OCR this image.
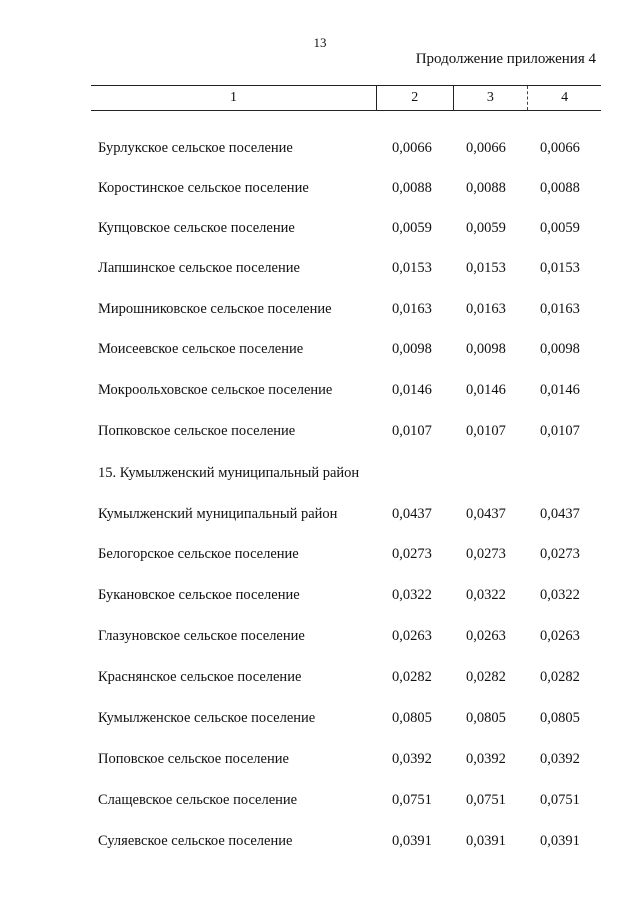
13
Продолжение приложения 4
1	2	3	4
Бурлукское сельское поселение	0,0066 0,0066 0,0066
Коростинское сельское поселение	0,0088 0,0088 0,0088
Купцовское сельское поселение	0,0059 0,0059 0,0059
Лапшинское сельское поселение	0,0153 0,0153 0,0153
Мирошниковское сельское поселение	0,0163 0,0163 0,0163
Моисеевское сельское поселение	0,0098 0,0098 0,0098
Мокроольховское сельское поселение	0,0146 0,0146 0,0146
Попковское сельское поселение	0,0107 0,0107 0,0107
15. Кумылженский муниципальный район
Кумылженский муниципальный район	0,0437 0,0437 0,0437
Белогорское сельское поселение	0,0273 0,0273 0,0273
Букановское сельское поселение	0,0322 0,0322 0,0322
Глазуновское сельское поселение	0,0263 0,0263 0,0263
Краснянское сельское поселение	0,0282 0,0282 0,0282
Кумылженское сельское поселение	0,0805 0,0805 0,0805
Поповское сельское поселение	0,0392 0,0392 0,0392
Слащевское сельское поселение	0,0751 0,0751 0,0751
Суляевское сельское поселение	0,0391 0,0391 0,0391
